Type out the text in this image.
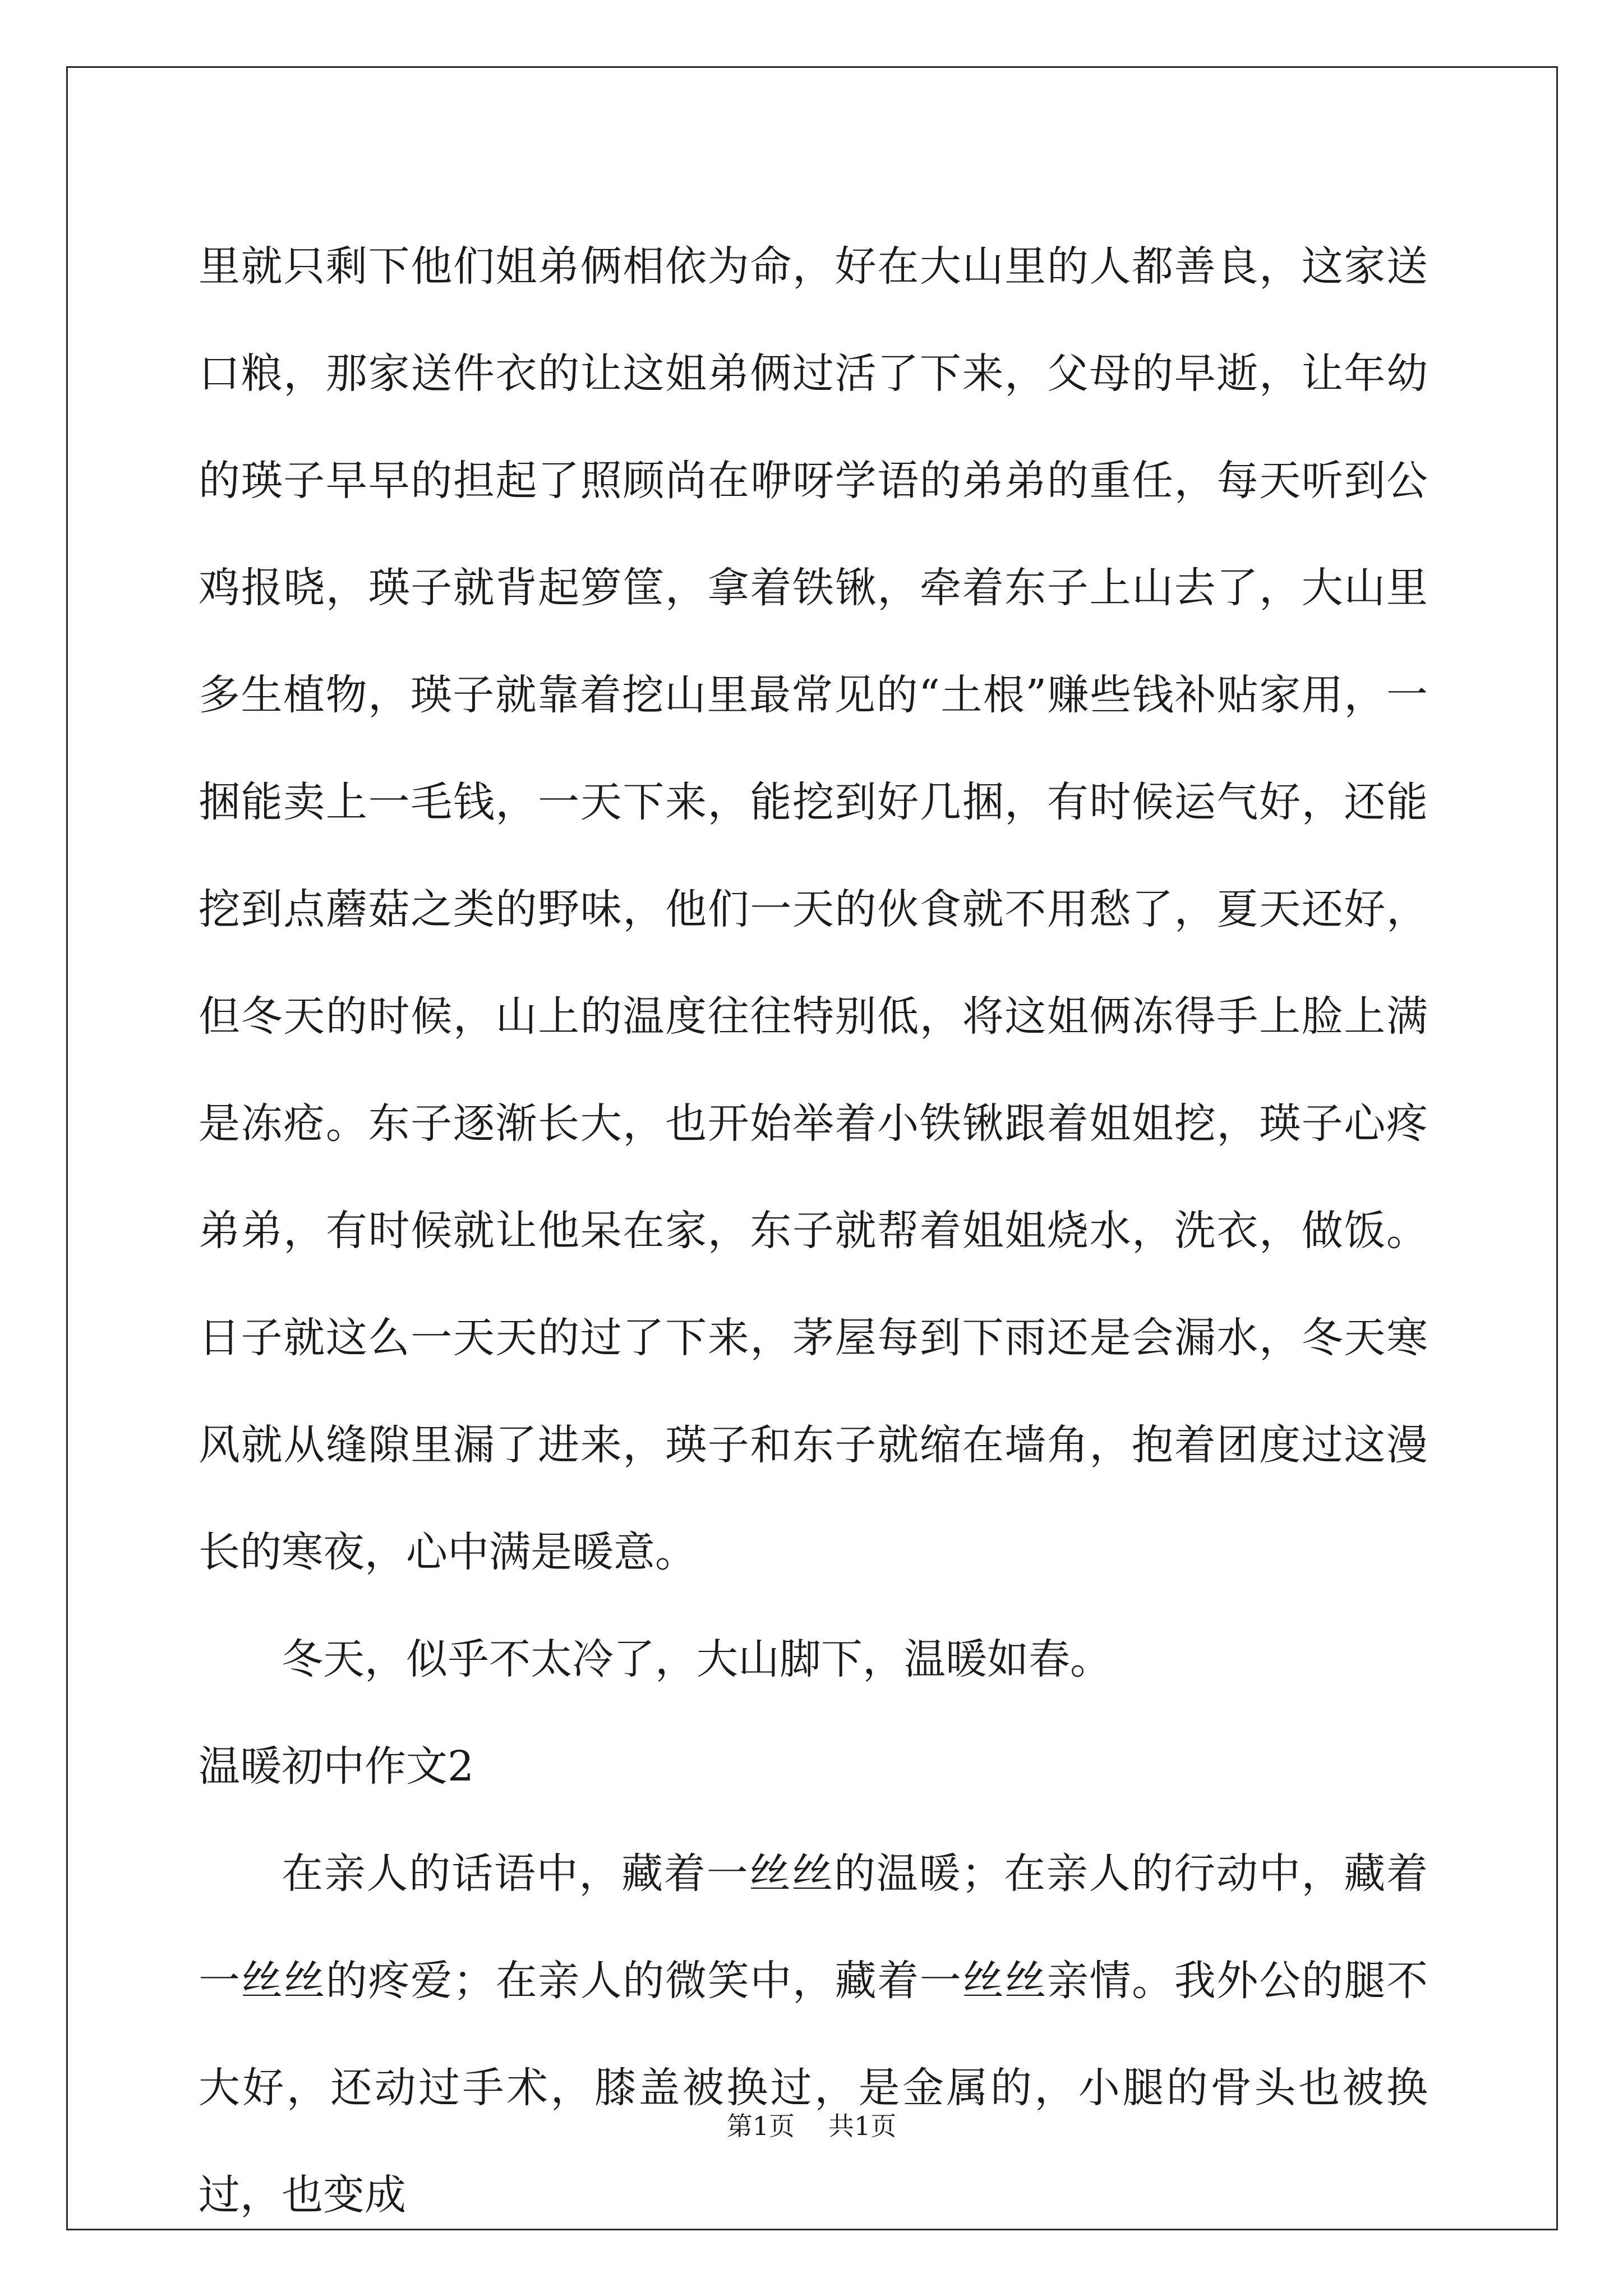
里就只剩下他们姐弟俩相依为命，好在大山里的人都善良，这家送口粮，那家送件衣的让这姐弟俩过活了下来，父母的早逝，让年幼的瑛子早早的担起了照顾尚在咿呀学语的弟弟的重任，每天听到公鸡报晓，瑛子就背起箩筐，拿着铁锹，牵着东子上山去了，大山里多生植物，瑛子就靠着挖山里最常见的“土根”赚些钱补贴家用，一捆能卖上一毛钱，一天下来，能挖到好几捆，有时候运气好，还能挖到点蘑菇之类的野味，他们一天的伙食就不用愁了，夏天还好，但冬天的时候，山上的温度往往特别低，将这姐俩冻得手上脸上满是冻疮。东子逐渐长大，也开始举着小铁锹跟着姐姐挖，瑛子心疼弟弟，有时候就让他呆在家，东子就帮着姐姐烧水，洗衣，做饭。日子就这么一天天的过了下来，茅屋每到下雨还是会漏水，冬天寒风就从缝隙里漏了进来，瑛子和东子就缩在墙角，抱着团度过这漫长的寒夜，心中满是暖意。

冬天，似乎不太冷了，大山脚下，温暖如春。

温暖初中作文2

在亲人的话语中，藏着一丝丝的温暖；在亲人的行动中，藏着一丝丝的疼爱；在亲人的微笑中，藏着一丝丝亲情。我外公的腿不大好，还动过手术，膝盖被换过，是金属的，小腿的骨头也被换过，也变成

第1页 共1页
